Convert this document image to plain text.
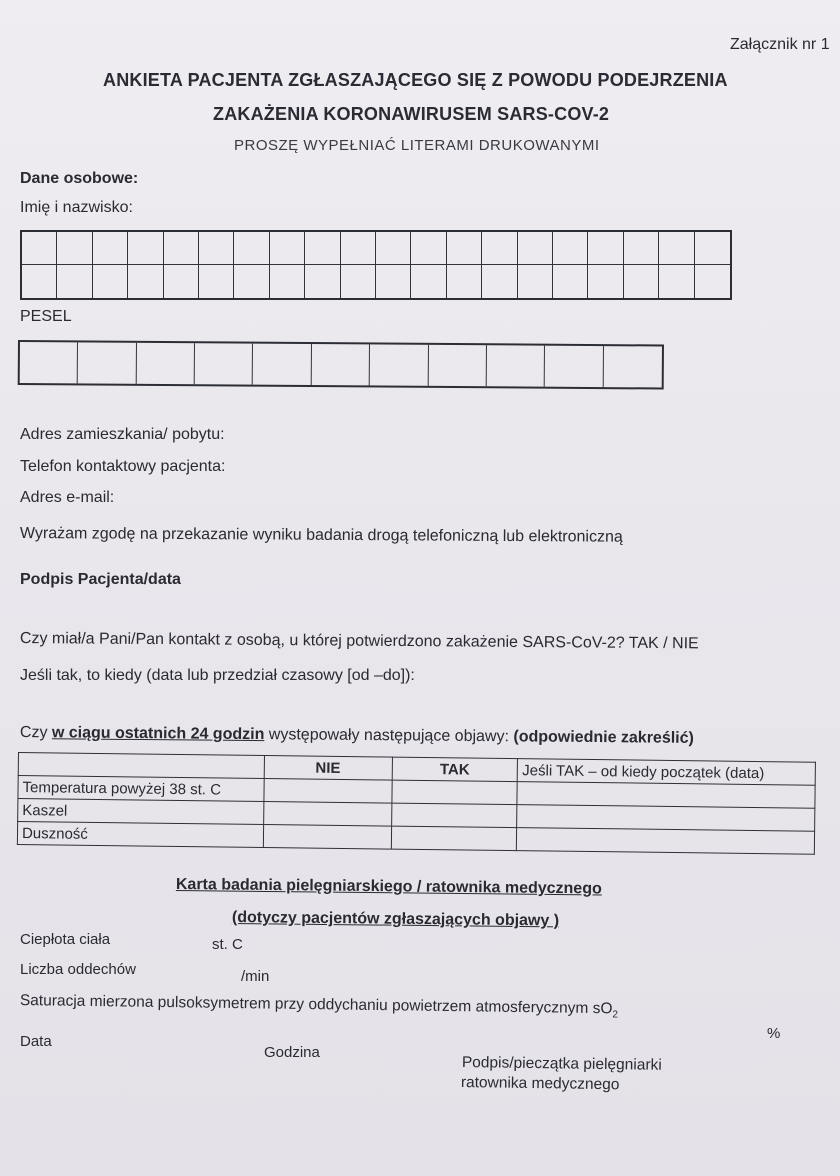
Załącznik nr 1
ANKIETA PACJENTA ZGŁASZAJĄCEGO SIĘ Z POWODU PODEJRZENIA
ZAKAŻENIA KORONAWIRUSEM SARS-COV-2
PROSZĘ WYPEŁNIAĆ LITERAMI DRUKOWANYMI
Dane osobowe:
Imię i nazwisko:
PESEL
Adres zamieszkania/ pobytu:
Telefon kontaktowy pacjenta:
Adres e-mail:
Wyrażam zgodę na przekazanie wyniku badania drogą telefoniczną lub elektroniczną
Podpis Pacjenta/data
Czy miał/a Pani/Pan kontakt z osobą, u której potwierdzono zakażenie SARS-CoV-2? TAK / NIE
Jeśli tak, to kiedy (data lub przedział czasowy [od –do]):
Czy w ciągu ostatnich 24 godzin występowały następujące objawy: (odpowiednie zakreślić)
	NIE	TAK	Jeśli TAK – od kiedy początek (data)
Temperatura powyżej 38 st. C			
Kaszel			
Duszność			
Karta badania pielęgniarskiego / ratownika medycznego
(dotyczy pacjentów zgłaszających objawy )
Ciepłota ciała	st. C
Liczba oddechów	/min
Saturacja mierzona pulsoksymetrem przy oddychaniu powietrzem atmosferycznym $sO_2$
%
Data
Godzina
Podpis/pieczątka pielęgniarki
ratownika medycznego
